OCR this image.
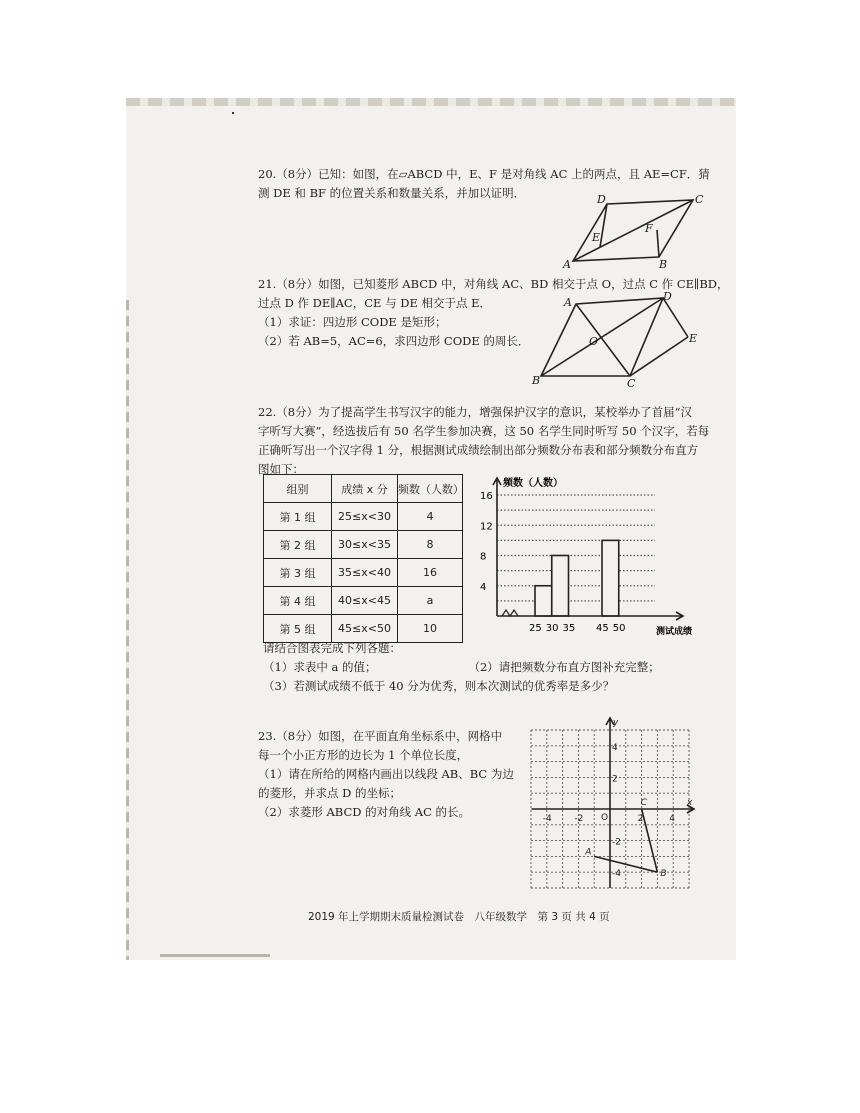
20.（8分）已知：如图，在▱ABCD 中，E、F 是对角线 AC 上的两点，且 AE=CF．猜

测 DE 和 BF 的位置关系和数量关系，并加以证明．

A	B
C
D
E
F

21.（8分）如图，已知菱形 ABCD 中，对角线 AC、BD 相交于点 O，过点 C 作 CE∥BD，

过点 D 作 DE∥AC，CE 与 DE 相交于点 E．

（1）求证：四边形 CODE 是矩形；

（2）若 AB=5，AC=6，求四边形 CODE 的周长．

A
B	C
D
E
O

22.（8分）为了提高学生书写汉字的能力，增强保护汉字的意识，某校举办了首届“汉

字听写大赛”，经选拔后有 50 名学生参加决赛，这 50 名学生同时听写 50 个汉字，若每

正确听写出一个汉字得 1 分，根据测试成绩绘制出部分频数分布表和部分频数分布直方

图如下：

组别	成绩 x 分	频数（人数）
第 1 组	25≤x<30	4
第 2 组	30≤x<35	8
第 3 组	35≤x<40	16
第 4 组	40≤x<45	a
第 5 组	45≤x<50	10
频数（人数）
测试成绩
4
8
12
16
25 30 35 45 50

请结合图表完成下列各题：

（1）求表中 a 的值；	（2）请把频数分布直方图补充完整；

（3）若测试成绩不低于 40 分为优秀，则本次测试的优秀率是多少？

23.（8分）如图，在平面直角坐标系中，网格中

每一个小正方形的边长为 1 个单位长度，

（1）请在所给的网格内画出以线段 AB、BC 为边

的菱形，并求点 D 的坐标；

（2）求菱形 ABCD 的对角线 AC 的长。

x
y
O
-4	-2	2	4
4
2
-2
-4
A
B
C
2019 年上学期期末质量检测试卷　八年级数学　第 3 页 共 4 页
